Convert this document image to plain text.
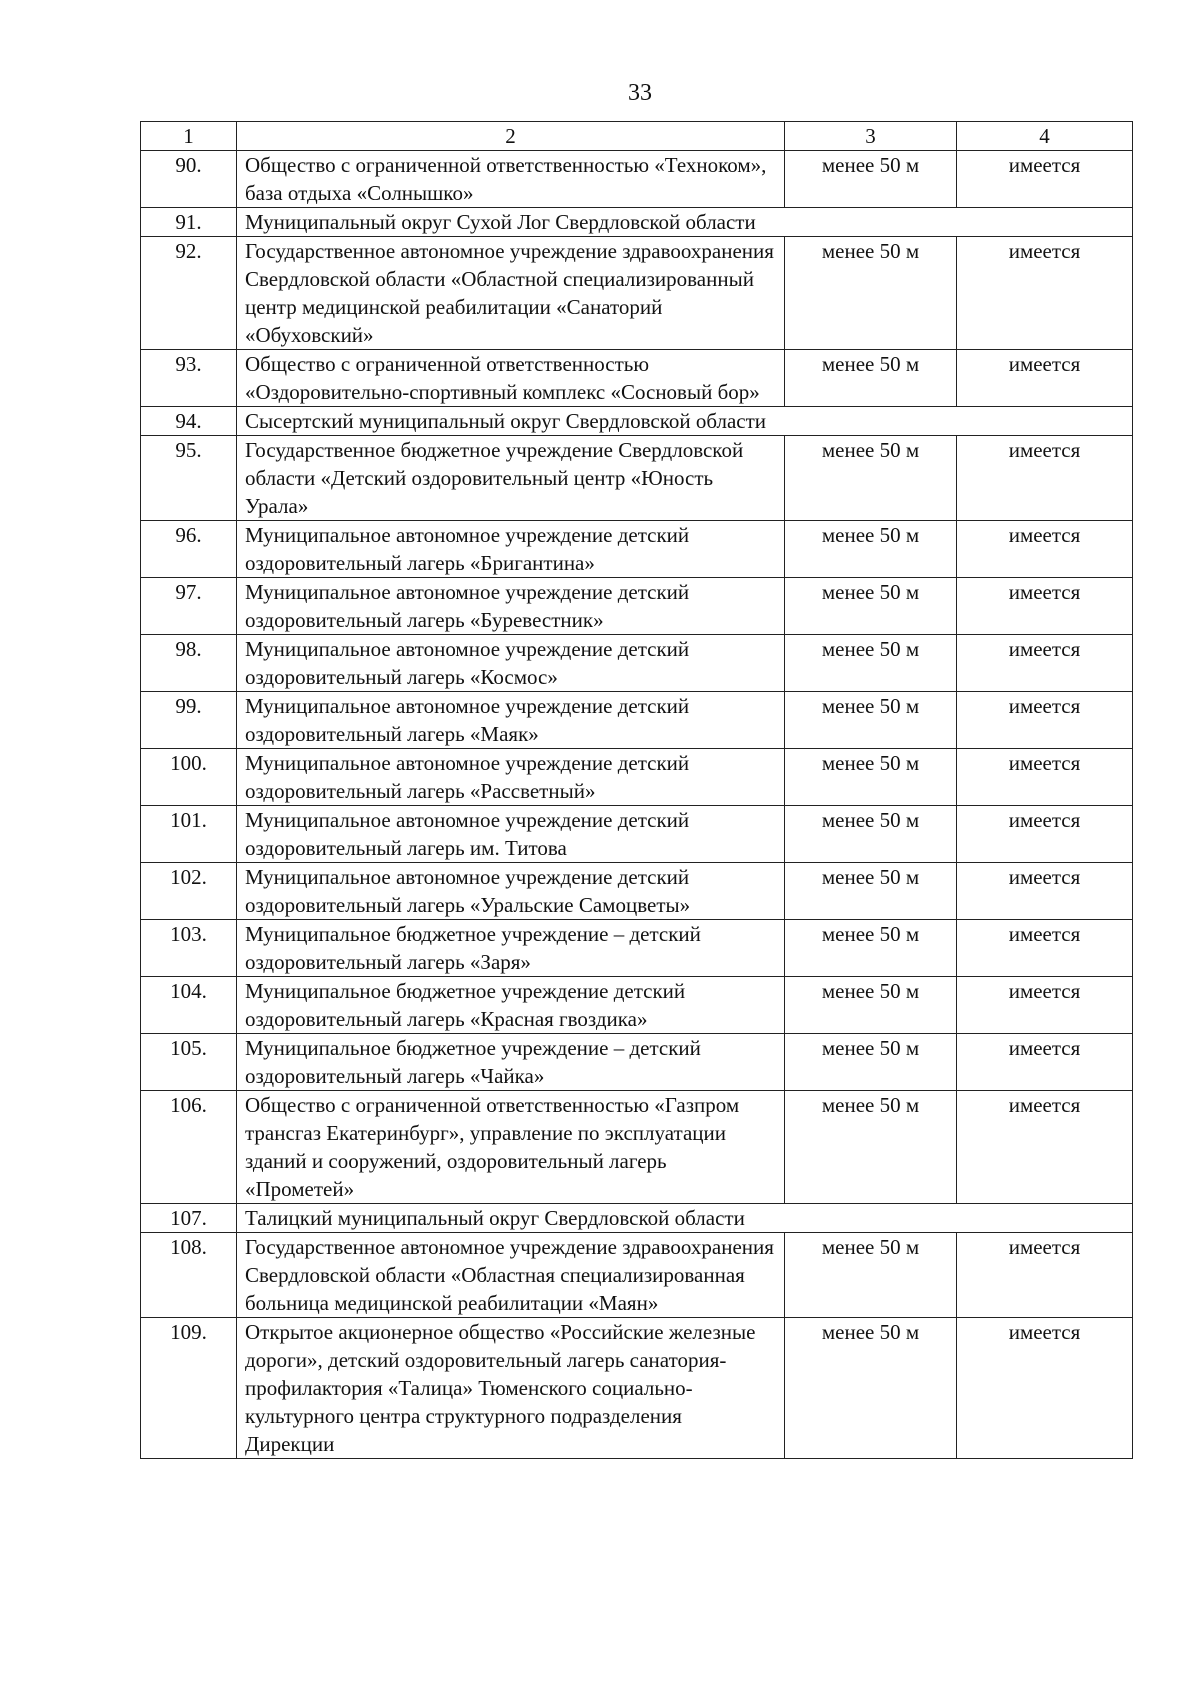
33
1	2	3	4
90.	Общество с ограниченной ответственностью «Техноком», база отдыха «Солнышко»	менее 50 м	имеется
91.	Муниципальный округ Сухой Лог Свердловской области		
92.	Государственное автономное учреждение здравоохранения Свердловской области «Областной специализированный центр медицинской реабилитации «Санаторий «Обуховский»	менее 50 м	имеется
93.	Общество с ограниченной ответственностью «Оздоровительно-спортивный комплекс «Сосновый бор»	менее 50 м	имеется
94.	Сысертский муниципальный округ Свердловской области		
95.	Государственное бюджетное учреждение Свердловской области «Детский оздоровительный центр «Юность Урала»	менее 50 м	имеется
96.	Муниципальное автономное учреждение детский оздоровительный лагерь «Бригантина»	менее 50 м	имеется
97.	Муниципальное автономное учреждение детский оздоровительный лагерь «Буревестник»	менее 50 м	имеется
98.	Муниципальное автономное учреждение детский оздоровительный лагерь «Космос»	менее 50 м	имеется
99.	Муниципальное автономное учреждение детский оздоровительный лагерь «Маяк»	менее 50 м	имеется
100.	Муниципальное автономное учреждение детский оздоровительный лагерь «Рассветный»	менее 50 м	имеется
101.	Муниципальное автономное учреждение детский оздоровительный лагерь им. Титова	менее 50 м	имеется
102.	Муниципальное автономное учреждение детский оздоровительный лагерь «Уральские Самоцветы»	менее 50 м	имеется
103.	Муниципальное бюджетное учреждение – детский оздоровительный лагерь «Заря»	менее 50 м	имеется
104.	Муниципальное бюджетное учреждение детский оздоровительный лагерь «Красная гвоздика»	менее 50 м	имеется
105.	Муниципальное бюджетное учреждение – детский оздоровительный лагерь «Чайка»	менее 50 м	имеется
106.	Общество с ограниченной ответственностью «Газпром трансгаз Екатеринбург», управление по эксплуатации зданий и сооружений, оздоровительный лагерь «Прометей»	менее 50 м	имеется
107.	Талицкий муниципальный округ Свердловской области		
108.	Государственное автономное учреждение здравоохранения Свердловской области «Областная специализированная больница медицинской реабилитации «Маян»	менее 50 м	имеется
109.	Открытое акционерное общество «Российские железные дороги», детский оздоровительный лагерь санатория-профилактория «Талица» Тюменского социально-культурного центра структурного подразделения Дирекции	менее 50 м	имеется
